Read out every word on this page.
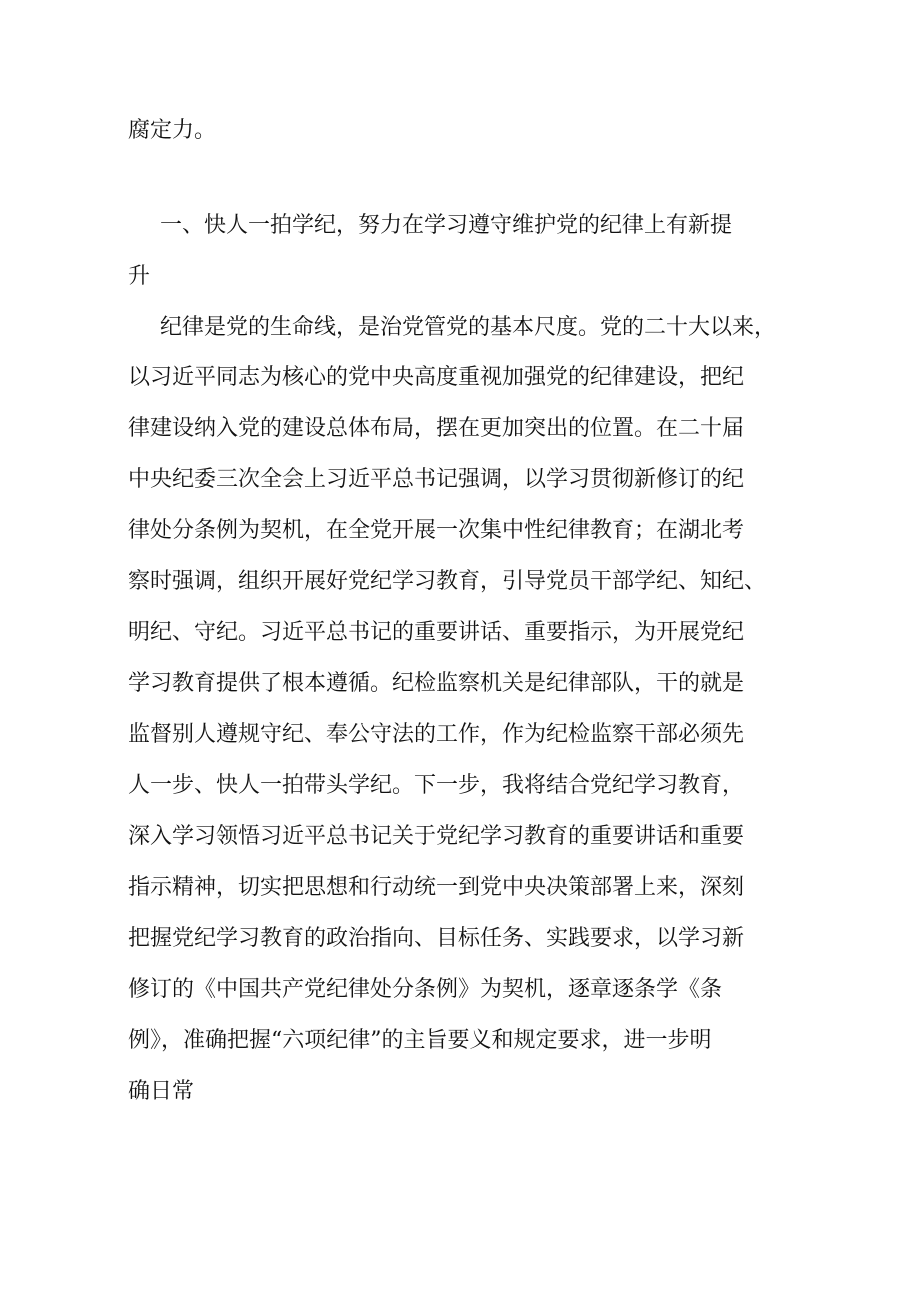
腐定力。

一、快人一拍学纪，努力在学习遵守维护党的纪律上有新提

升

纪律是党的生命线，是治党管党的基本尺度。党的二十大以来，

以习近平同志为核心的党中央高度重视加强党的纪律建设，把纪

律建设纳入党的建设总体布局，摆在更加突出的位置。在二十届

中央纪委三次全会上习近平总书记强调，以学习贯彻新修订的纪

律处分条例为契机，在全党开展一次集中性纪律教育；在湖北考

察时强调，组织开展好党纪学习教育，引导党员干部学纪、知纪、

明纪、守纪。习近平总书记的重要讲话、重要指示，为开展党纪

学习教育提供了根本遵循。纪检监察机关是纪律部队，干的就是

监督别人遵规守纪、奉公守法的工作，作为纪检监察干部必须先

人一步、快人一拍带头学纪。下一步，我将结合党纪学习教育，

深入学习领悟习近平总书记关于党纪学习教育的重要讲话和重要

指示精神，切实把思想和行动统一到党中央决策部署上来，深刻

把握党纪学习教育的政治指向、目标任务、实践要求，以学习新

修订的《中国共产党纪律处分条例》为契机，逐章逐条学《条

例》，准确把握“六项纪律”的主旨要义和规定要求，进一步明

确日常
